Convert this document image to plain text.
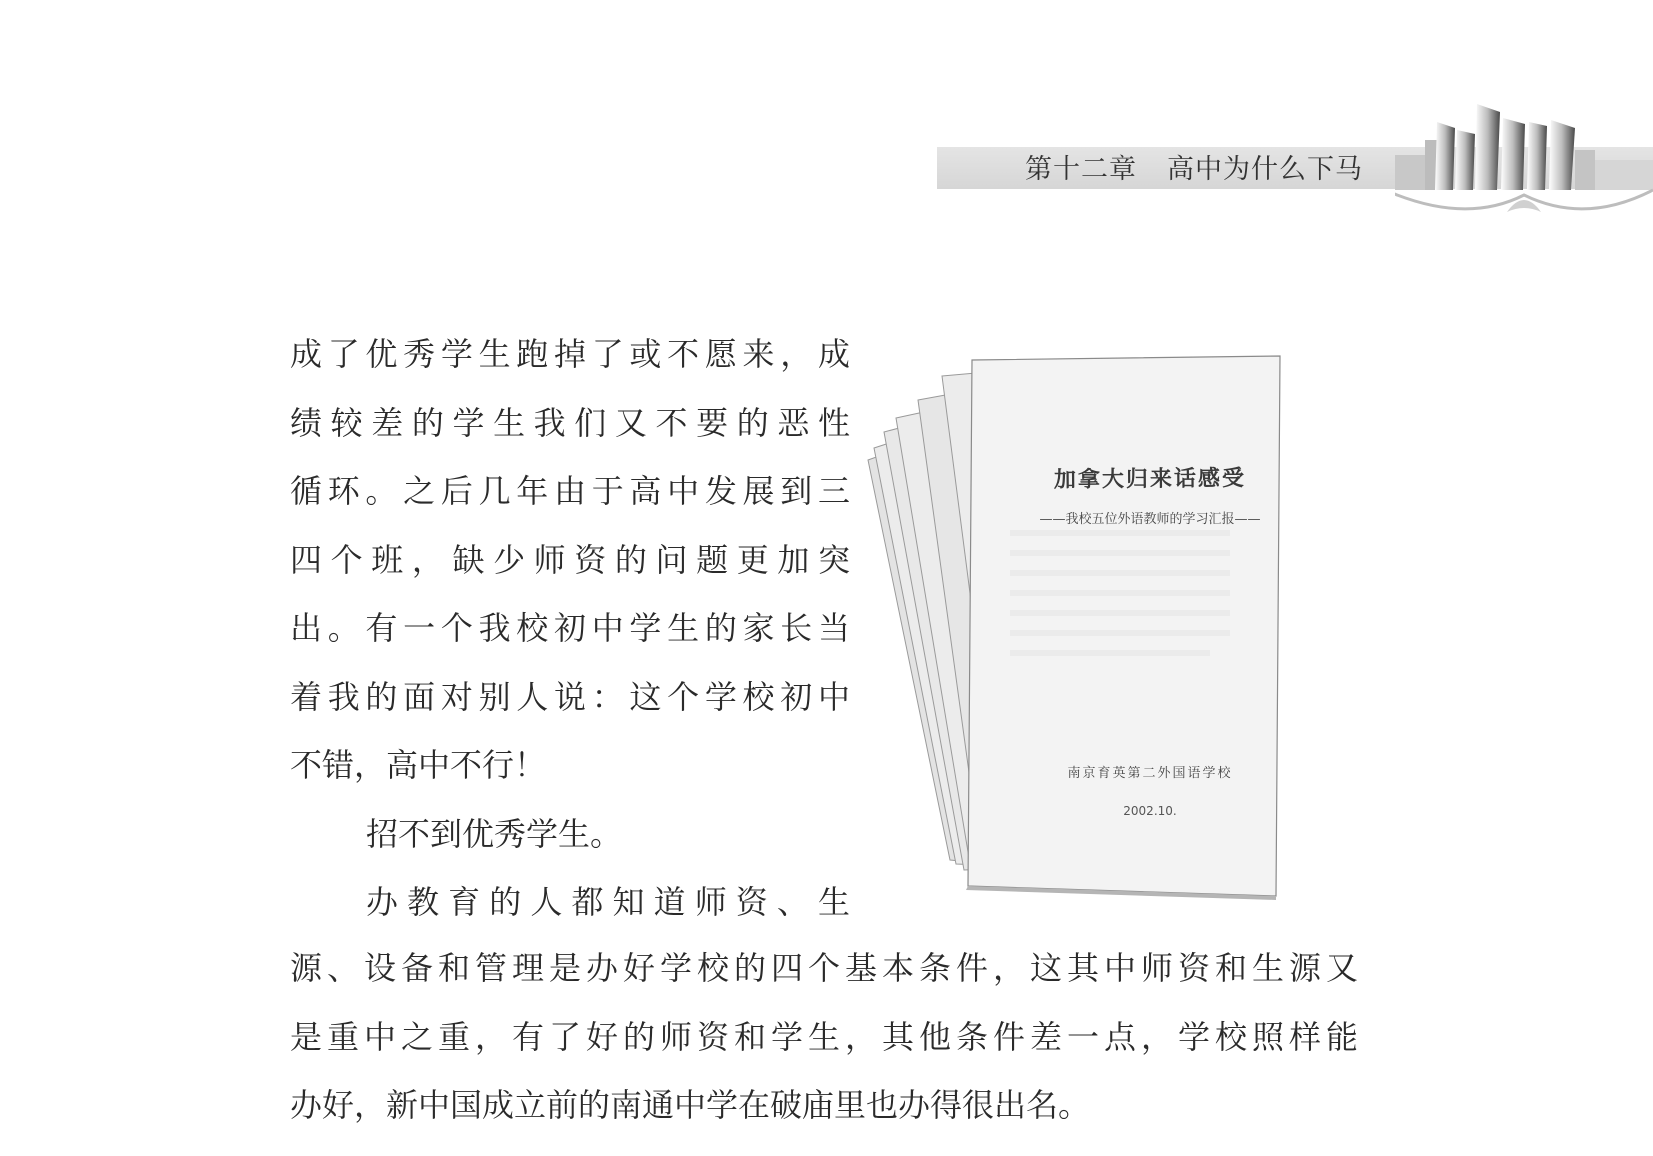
第十二章 高中为什么下马
成了优秀学生跑掉了或不愿来，成
绩较差的学生我们又不要的恶性
循环。之后几年由于高中发展到三
四个班，缺少师资的问题更加突
出。有一个我校初中学生的家长当
着我的面对别人说：这个学校初中
不错，高中不行！
招不到优秀学生。
办教育的人都知道师资、生
源、设备和管理是办好学校的四个基本条件，这其中师资和生源又
是重中之重，有了好的师资和学生，其他条件差一点，学校照样能
办好，新中国成立前的南通中学在破庙里也办得很出名。
加拿大归来话感受
——我校五位外语教师的学习汇报——
南京育英第二外国语学校
2002.10.
